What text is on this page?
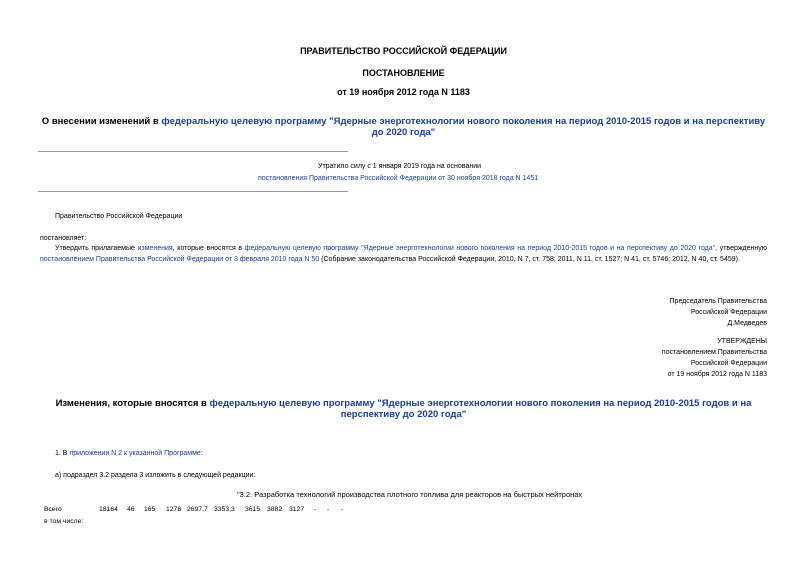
ПРАВИТЕЛЬСТВО РОССИЙСКОЙ ФЕДЕРАЦИИ
ПОСТАНОВЛЕНИЕ
от 19 ноября 2012 года N 1183
О внесении изменений в федеральную целевую программу "Ядерные энерготехнологии нового поколения на период 2010-2015 годов и на перспективу до 2020 года"
Утратило силу с 1 января 2019 года на основании
постановления Правительства Российской Федерации от 30 ноября 2018 года N 1451
Правительство Российской Федерации
постановляет:
Утвердить прилагаемые изменения, которые вносятся в федеральную целевую программу "Ядерные энерготехнологии нового поколения на период 2010-2015 годов и на перспективу до 2020 года", утвержденную постановлением Правительства Российской Федерации от 3 февраля 2010 года N 50 (Собрание законодательства Российской Федерации, 2010, N 7, ст. 758; 2011, N 11, ст. 1527; N 41, ст. 5746; 2012, N 40, ст. 5459).
Председатель Правительства
Российской Федерации
Д.Медведев
УТВЕРЖДЕНЫ
постановлением Правительства
Российской Федерации
от 19 ноября 2012 года N 1183
Изменения, которые вносятся в федеральную целевую программу "Ядерные энерготехнологии нового поколения на период 2010-2015 годов и на перспективу до 2020 года"
1. В приложении N 2 к указанной Программе:
а) подраздел 3.2 раздела 3 изложить в следующей редакции:
"3.2. Разработка технологий производства плотного топлива для реакторов на быстрых нейтронах
Всего	18164 46 165 1278 2697,7 3353,3 3615 3882 3127 - - -
в том числе:
